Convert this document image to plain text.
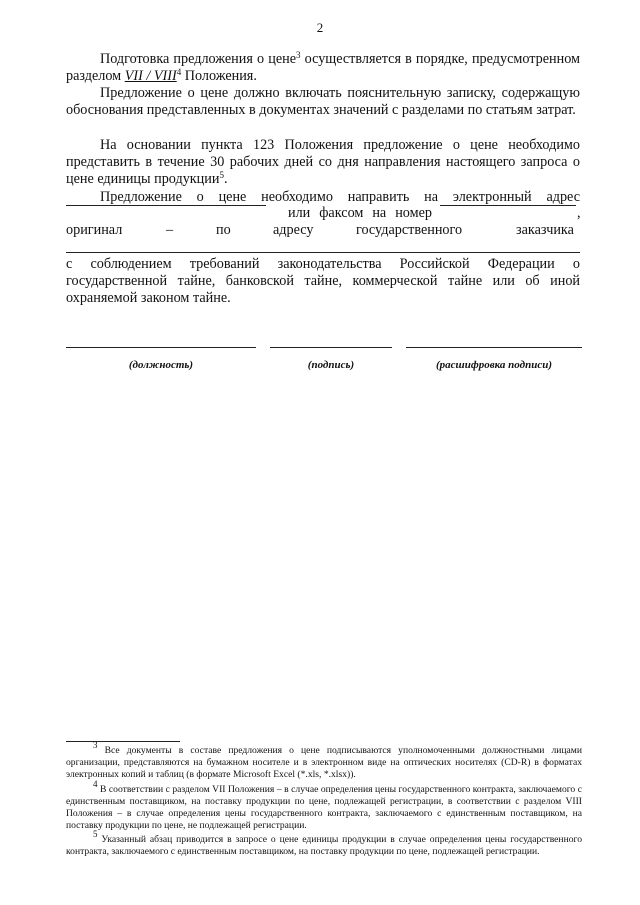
2

Подготовка предложения о цене$^3$ осуществляется в порядке, предусмотренном разделом VII / VIII$^4$ Положения.

Предложение о цене должно включать пояснительную записку, содержащую обоснования представленных в документах значений с разделами по статьям затрат.

На основании пункта 123 Положения предложение о цене необходимо представить в течение 30 рабочих дней со дня направления настоящего запроса о цене единицы продукции$^5$.

Предложение о цене необходимо направить на электронный адрес

или факсом на номер	,
оригинал	–	по	адресу	государственного	заказчика

с соблюдением требований законодательства Российской Федерации о государственной тайне, банковской тайне, коммерческой тайне или об иной охраняемой законом тайне.

(должность)	(подпись)	(расшифровка подписи)

$^3$ Все документы в составе предложения о цене подписываются уполномоченными должностными лицами организации, представляются на бумажном носителе и в электронном виде на оптических носителях (CD-R) в форматах электронных копий и таблиц (в формате Microsoft Excel (*.xls, *.xlsx)).

$^4$ В соответствии с разделом VII Положения – в случае определения цены государственного контракта, заключаемого с единственным поставщиком, на поставку продукции по цене, подлежащей регистрации, в соответствии с разделом VIII Положения – в случае определения цены государственного контракта, заключаемого с единственным поставщиком, на поставку продукции по цене, не подлежащей регистрации.

$^5$ Указанный абзац приводится в запросе о цене единицы продукции в случае определения цены государственного контракта, заключаемого с единственным поставщиком, на поставку продукции по цене, подлежащей регистрации.
